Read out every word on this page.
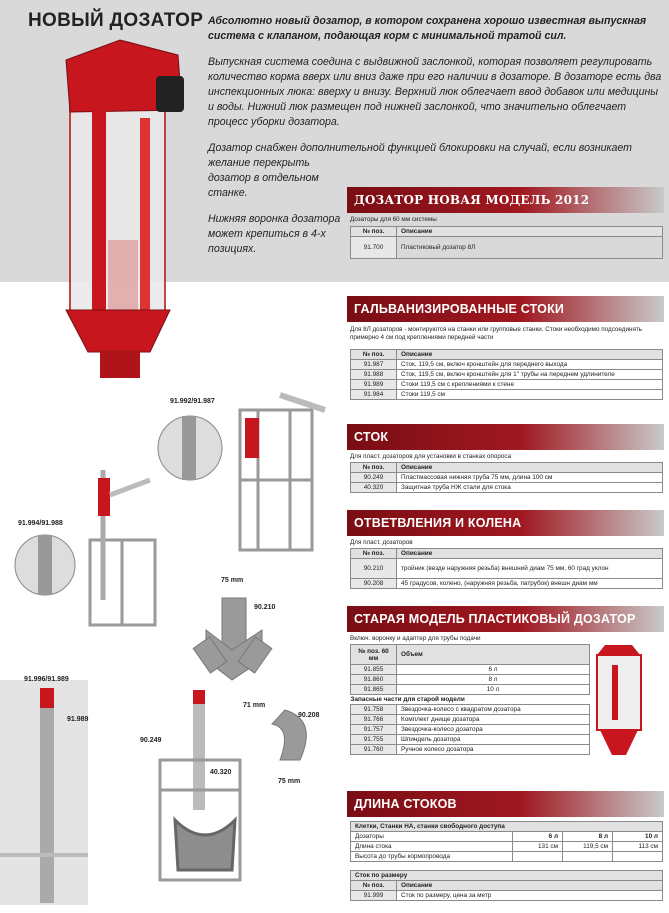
НОВЫЙ ДОЗАТОР Абсолютно новый дозатор, в котором сохранена хорошо известная выпускная система с клапаном, подающая корм с минимальной тратой сил.

Выпускная система соедина с выдвижной заслонкой, которая позволяет регулировать количество корма вверх или вниз даже при его наличии в дозаторе. В дозаторе есть два инспекционных люка: вверху и внизу. Верхний люк облегчает ввод добавок или медицины и воды. Нижний люк размещен под нижней заслонкой, что значительно облегчает процесс уборки дозатора.

Дозатор снабжен дополнительной функцией блокировки на случай, если возникает желание перекрыть

дозатор в отдельном станке.

Нижняя воронка дозатора может крепиться в 4-х позициях.

ДОЗАТОР НОВАЯ МОДЕЛЬ 2012
Дозаторы для 60 мм системы
№ поз.	Описание
91.700	Пластиковый дозатор 8Л
ГАЛЬВАНИЗИРОВАННЫЕ СТОКИ
Для 8Л дозаторов - монтируются на станки или групповые станки. Стоки необходимо подсоединять примерно 4 см под креплениями передней части
№ поз.	Описание
91.987	Сток, 119,5 см, включ кронштейн для переднего выхода
91.988	Сток, 119,5 см, включ кронштейн для 1" трубы на переднем удлинителе
91.989	Стоки 119,5 см с креплениями к стене
91.984	Стоки 119,5 см
СТОК
Для пласт. дозаторов для установки в станках опороса
№ поз.	Описание
90.249	Пластмассовая нижняя труба 75 мм, длина 100 см
40.320	Защитная труба НЖ стали для стока
ОТВЕТВЛЕНИЯ И КОЛЕНА
Для пласт. дозаторов
№ поз.	Описание
90.210	тройник (везде наружняя резьба) внешний диам 75 мм, 60 град уклон
90.208	45 градусов, колено, (наружняя резьба, патрубок) внешн диам мм
СТАРАЯ МОДЕЛЬ ПЛАСТИКОВЫЙ ДОЗАТОР
Включ. воронку и адаптер для трубы подачи
№ поз. 60 мм	Объем
91.855	6 л
91.860	8 л
91.865	10 л
Запасные части для старой модели	
91.758	Звездочка-колесо с квадратом дозатора
91.766	Комплект днище дозатора
91.757	Звездочка-колесо дозатора
91.755	Шпиндель дозатора
91.760	Ручное колесо дозатора
ДЛИНА СТОКОВ
Клетки, Станки НА, станки свободного доступа			
Дозаторы	6 л	8 л	10 л
Длина стока	131 см	119,5 см	113 см
Высота до трубы кормопровода			
Сток по размеру	
№ поз.	Описание
91.999	Сток по размеру, цена за метр
91.992/91.987
91.994/91.988
91.996/91.989
91.989
75 mm
90.210
71 mm
90.208
75 mm
90.249
40.320
